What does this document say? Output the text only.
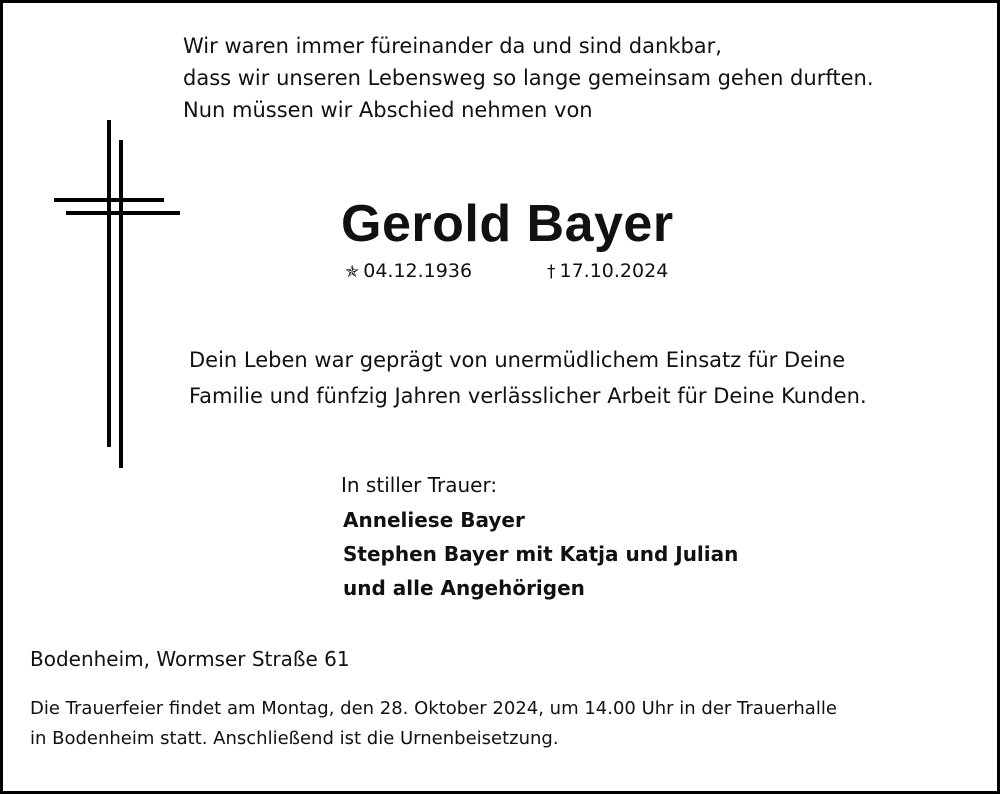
Wir waren immer füreinander da und sind dankbar,
dass wir unseren Lebensweg so lange gemeinsam gehen durften.
Nun müssen wir Abschied nehmen von
Gerold Bayer
✯ 04.12.1936	† 17.10.2024
Dein Leben war geprägt von unermüdlichem Einsatz für Deine
Familie und fünfzig Jahren verlässlicher Arbeit für Deine Kunden.
In stiller Trauer:
Anneliese Bayer
Stephen Bayer mit Katja und Julian
und alle Angehörigen
Bodenheim, Wormser Straße 61
Die Trauerfeier findet am Montag, den 28. Oktober 2024, um 14.00 Uhr in der Trauerhalle
in Bodenheim statt. Anschließend ist die Urnenbeisetzung.
